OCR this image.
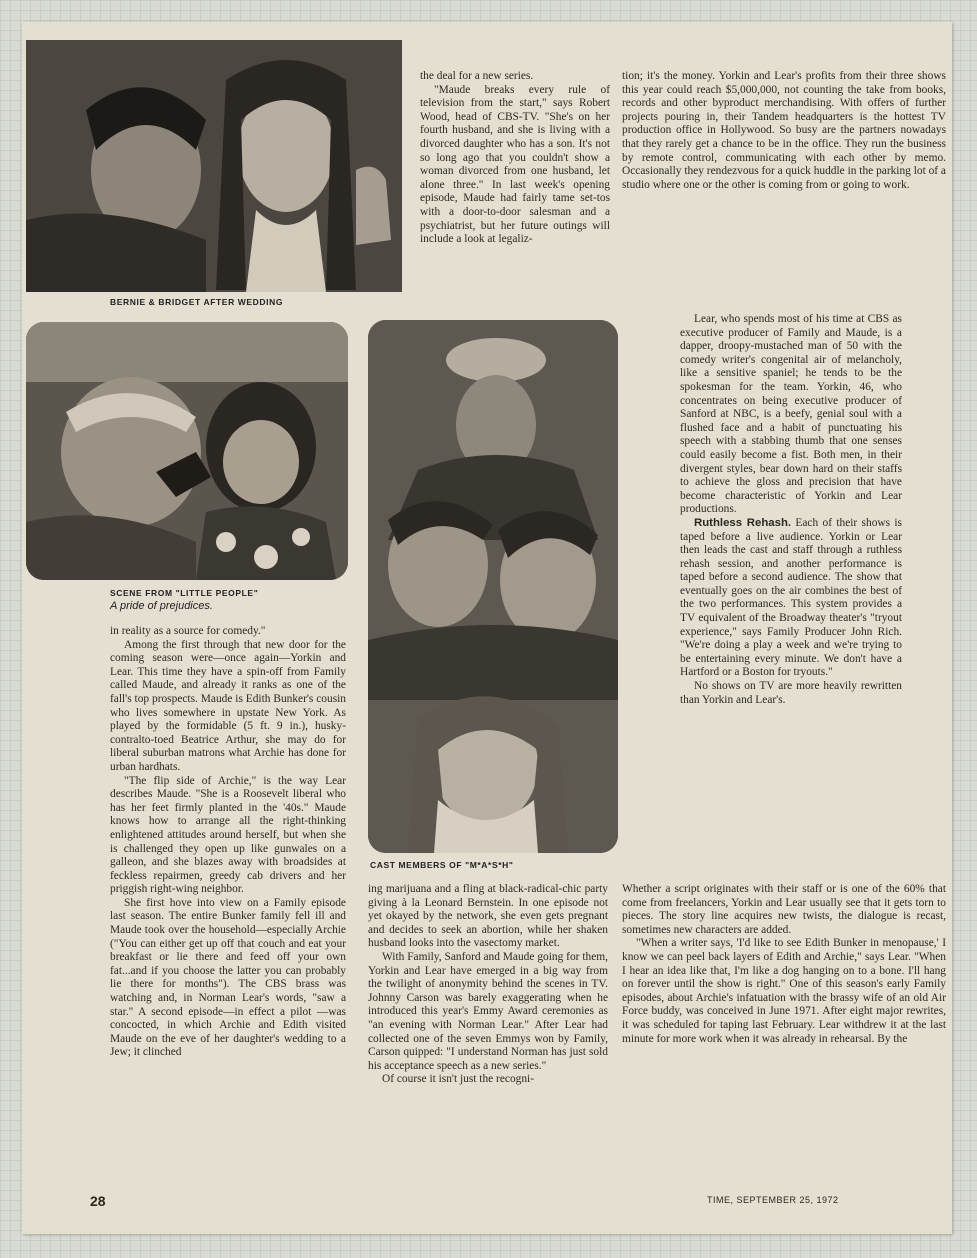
BERNIE & BRIDGET AFTER WEDDING
SCENE FROM "LITTLE PEOPLE"
A pride of prejudices.
CAST MEMBERS OF "M*A*S*H"

in reality as a source for comedy."

Among the first through that new door for the coming season were—once again—Yorkin and Lear. This time they have a spin-off from Family called Maude, and already it ranks as one of the fall's top prospects. Maude is Edith Bunker's cousin who lives somewhere in upstate New York. As played by the formidable (5 ft. 9 in.), husky-contralto-toed Beatrice Arthur, she may do for liberal suburban matrons what Archie has done for urban hardhats.

"The flip side of Archie," is the way Lear describes Maude. "She is a Roosevelt liberal who has her feet firmly planted in the '40s." Maude knows how to arrange all the right-thinking enlightened attitudes around herself, but when she is challenged they open up like gunwales on a galleon, and she blazes away with broadsides at feckless repairmen, greedy cab drivers and her priggish right-wing neighbor.

She first hove into view on a Family episode last season. The entire Bunker family fell ill and Maude took over the household—especially Archie ("You can either get up off that couch and eat your breakfast or lie there and feed off your own fat...and if you choose the latter you can probably lie there for months"). The CBS brass was watching and, in Norman Lear's words, "saw a star." A second episode—in effect a pilot —was concocted, in which Archie and Edith visited Maude on the eve of her daughter's wedding to a Jew; it clinched

the deal for a new series.

"Maude breaks every rule of television from the start," says Robert Wood, head of CBS-TV. "She's on her fourth husband, and she is living with a divorced daughter who has a son. It's not so long ago that you couldn't show a woman divorced from one husband, let alone three." In last week's opening episode, Maude had fairly tame set-tos with a door-to-door salesman and a psychiatrist, but her future outings will include a look at legaliz-

ing marijuana and a fling at black-radical-chic party giving à la Leonard Bernstein. In one episode not yet okayed by the network, she even gets pregnant and decides to seek an abortion, while her shaken husband looks into the vasectomy market.

With Family, Sanford and Maude going for them, Yorkin and Lear have emerged in a big way from the twilight of anonymity behind the scenes in TV. Johnny Carson was barely exaggerating when he introduced this year's Emmy Award ceremonies as "an evening with Norman Lear." After Lear had collected one of the seven Emmys won by Family, Carson quipped: "I understand Norman has just sold his acceptance speech as a new series."

Of course it isn't just the recogni-

tion; it's the money. Yorkin and Lear's profits from their three shows this year could reach $5,000,000, not counting the take from books, records and other byproduct merchandising. With offers of further projects pouring in, their Tandem headquarters is the hottest TV production office in Hollywood. So busy are the partners nowadays that they rarely get a chance to be in the office. They run the business by remote control, communicating with each other by memo. Occasionally they rendezvous for a quick huddle in the parking lot of a studio where one or the other is coming from or going to work.

Lear, who spends most of his time at CBS as executive producer of Family and Maude, is a dapper, droopy-mustached man of 50 with the comedy writer's congenital air of melancholy, like a sensitive spaniel; he tends to be the spokesman for the team. Yorkin, 46, who concentrates on being executive producer of Sanford at NBC, is a beefy, genial soul with a flushed face and a habit of punctuating his speech with a stabbing thumb that one senses could easily become a fist. Both men, in their divergent styles, bear down hard on their staffs to achieve the gloss and precision that have become characteristic of Yorkin and Lear productions.

Ruthless Rehash. Each of their shows is taped before a live audience. Yorkin or Lear then leads the cast and staff through a ruthless rehash session, and another performance is taped before a second audience. The show that eventually goes on the air combines the best of the two performances. This system provides a TV equivalent of the Broadway theater's "tryout experience," says Family Producer John Rich. "We're doing a play a week and we're trying to be entertaining every minute. We don't have a Hartford or a Boston for tryouts."

No shows on TV are more heavily rewritten than Yorkin and Lear's.

Whether a script originates with their staff or is one of the 60% that come from freelancers, Yorkin and Lear usually see that it gets torn to pieces. The story line acquires new twists, the dialogue is recast, sometimes new characters are added.

"When a writer says, 'I'd like to see Edith Bunker in menopause,' I know we can peel back layers of Edith and Archie," says Lear. "When I hear an idea like that, I'm like a dog hanging on to a bone. I'll hang on forever until the show is right." One of this season's early Family episodes, about Archie's infatuation with the brassy wife of an old Air Force buddy, was conceived in June 1971. After eight major rewrites, it was scheduled for taping last February. Lear withdrew it at the last minute for more work when it was already in rehearsal. By the

28	TIME, SEPTEMBER 25, 1972
